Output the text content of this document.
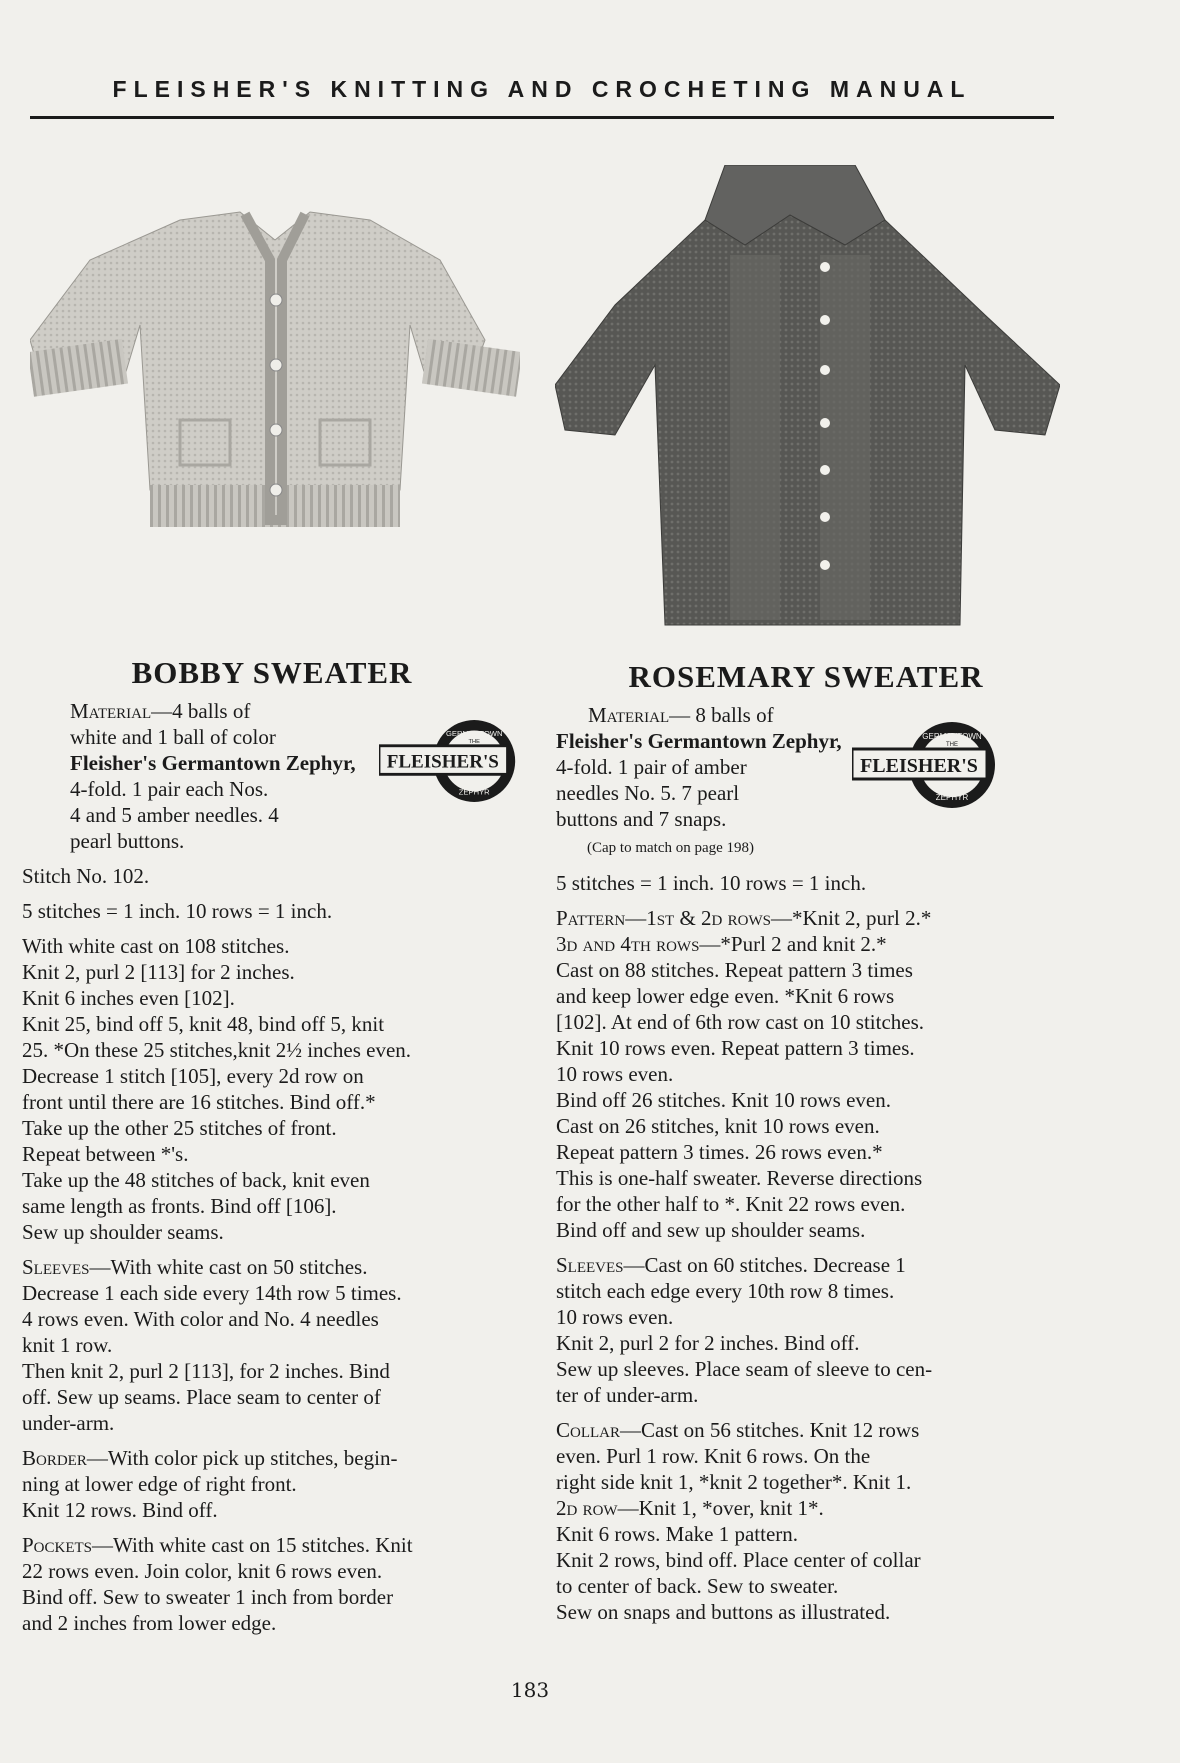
FLEISHER'S KNITTING AND CROCHETING MANUAL
BOBBY SWEATER
Material—4 balls of
white and 1 ball of color
Fleisher's Germantown Zephyr,
4-fold. 1 pair each Nos.
4 and 5 amber needles. 4
pearl buttons.
FLEISHER'S
GERMANTOWN
ZEPHYR
THE
Stitch No. 102.
5 stitches = 1 inch. 10 rows = 1 inch.
With white cast on 108 stitches.
Knit 2, purl 2 [113] for 2 inches.
Knit 6 inches even [102].
Knit 25, bind off 5, knit 48, bind off 5, knit
25. *On these 25 stitches,knit 2½ inches even.
Decrease 1 stitch [105], every 2d row on
front until there are 16 stitches. Bind off.*
Take up the other 25 stitches of front.
Repeat between *'s.
Take up the 48 stitches of back, knit even
same length as fronts. Bind off [106].
Sew up shoulder seams.
Sleeves—With white cast on 50 stitches.
Decrease 1 each side every 14th row 5 times.
4 rows even. With color and No. 4 needles
knit 1 row.
Then knit 2, purl 2 [113], for 2 inches. Bind
off. Sew up seams. Place seam to center of
under-arm.
Border—With color pick up stitches, begin-
ning at lower edge of right front.
Knit 12 rows. Bind off.
Pockets—With white cast on 15 stitches. Knit
22 rows even. Join color, knit 6 rows even.
Bind off. Sew to sweater 1 inch from border
and 2 inches from lower edge.
ROSEMARY SWEATER
Material— 8 balls of
Fleisher's Germantown Zephyr,
4-fold. 1 pair of amber
needles No. 5. 7 pearl
buttons and 7 snaps.
FLEISHER'S
GERMANTOWN
ZEPHYR
THE
(Cap to match on page 198)
5 stitches = 1 inch. 10 rows = 1 inch.
Pattern—1st & 2d rows—*Knit 2, purl 2.*
3d and 4th rows—*Purl 2 and knit 2.*
Cast on 88 stitches. Repeat pattern 3 times
and keep lower edge even. *Knit 6 rows
[102]. At end of 6th row cast on 10 stitches.
Knit 10 rows even. Repeat pattern 3 times.
10 rows even.
Bind off 26 stitches. Knit 10 rows even.
Cast on 26 stitches, knit 10 rows even.
Repeat pattern 3 times. 26 rows even.*
This is one-half sweater. Reverse directions
for the other half to *. Knit 22 rows even.
Bind off and sew up shoulder seams.
Sleeves—Cast on 60 stitches. Decrease 1
stitch each edge every 10th row 8 times.
10 rows even.
Knit 2, purl 2 for 2 inches. Bind off.
Sew up sleeves. Place seam of sleeve to cen-
ter of under-arm.
Collar—Cast on 56 stitches. Knit 12 rows
even. Purl 1 row. Knit 6 rows. On the
right side knit 1, *knit 2 together*. Knit 1.
2d row—Knit 1, *over, knit 1*.
Knit 6 rows. Make 1 pattern.
Knit 2 rows, bind off. Place center of collar
to center of back. Sew to sweater.
Sew on snaps and buttons as illustrated.
183
